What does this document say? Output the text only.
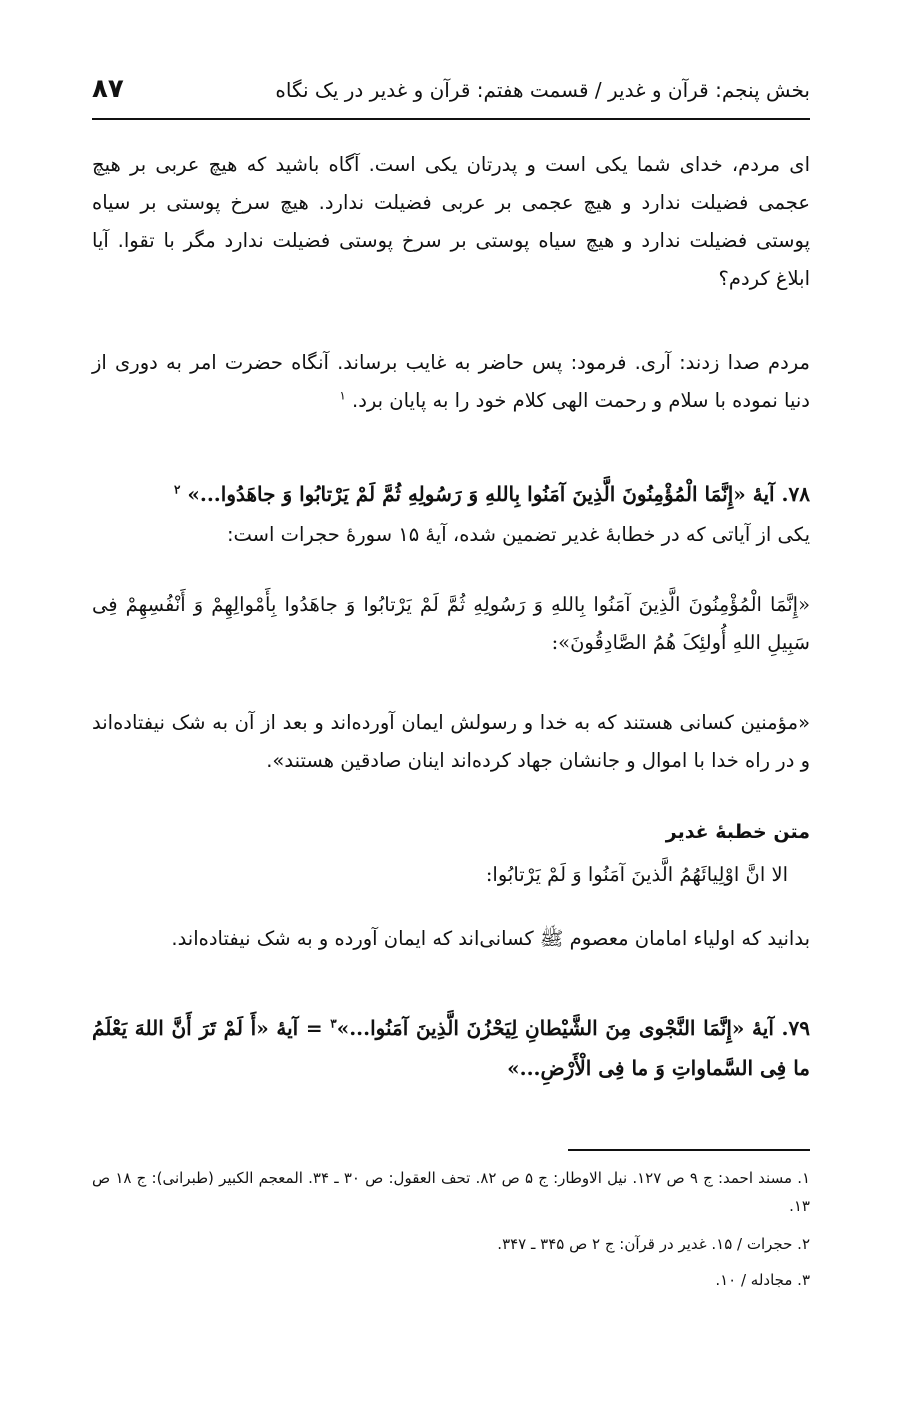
بخش پنجم: قرآن و غدیر / قسمت هفتم: قرآن و غدیر در یک نگاه
۸۷
ای مردم، خدای شما یکی است و پدرتان یکی است. آگاه باشید که هیچ عربی بر هیچ عجمی فضیلت ندارد و هیچ عجمی بر عربی فضیلت ندارد. هیچ سرخ پوستی بر سیاه پوستی فضیلت ندارد و هیچ سیاه پوستی بر سرخ پوستی فضیلت ندارد مگر با تقوا. آیا ابلاغ کردم؟
مردم صدا زدند: آری. فرمود: پس حاضر به غایب برساند. آنگاه حضرت امر به دوری از دنیا نموده با سلام و رحمت الهی کلام خود را به پایان برد. $^۱$
۷۸. آیهٔ «إِنَّمَا الْمُؤْمِنُونَ الَّذِینَ آمَنُوا بِاللهِ وَ رَسُولِهِ ثُمَّ لَمْ یَرْتابُوا وَ جاهَدُوا...» $^۲$
یکی از آیاتی که در خطابهٔ غدیر تضمین شده، آیهٔ ۱۵ سورهٔ حجرات است:
«إِنَّمَا الْمُؤْمِنُونَ الَّذِینَ آمَنُوا بِاللهِ وَ رَسُولِهِ ثُمَّ لَمْ یَرْتابُوا وَ جاهَدُوا بِأَمْوالِهِمْ وَ أَنْفُسِهِمْ فِی سَبِیلِ اللهِ أُولئِکَ هُمُ الصَّادِقُونَ»:
«مؤمنین کسانی هستند که به خدا و رسولش ایمان آورده‌اند و بعد از آن به شک نیفتاده‌اند و در راه خدا با اموال و جانشان جهاد کرده‌اند اینان صادقین هستند».
متن خطبهٔ غدیر
الا انَّ اوْلِیائَهُمُ الَّذینَ آمَنُوا وَ لَمْ یَرْتابُوا:
بدانید که اولیاء امامان معصوم ﷺ کسانی‌اند که ایمان آورده و به شک نیفتاده‌اند.
۷۹. آیهٔ «إِنَّمَا النَّجْوی مِنَ الشَّیْطانِ لِیَحْزُنَ الَّذِینَ آمَنُوا...»$^۳$ = آیهٔ «أَ لَمْ تَرَ أَنَّ اللهَ یَعْلَمُ ما فِی السَّماواتِ وَ ما فِی الْأَرْضِ...»
۱. مسند احمد: ج ۹ ص ۱۲۷. نیل الاوطار: ج ۵ ص ۸۲. تحف العقول: ص ۳۰ ـ ۳۴. المعجم الکبیر (طبرانی): ج ۱۸ ص ۱۳.
۲. حجرات / ۱۵. غدیر در قرآن: ج ۲ ص ۳۴۵ ـ ۳۴۷.
۳. مجادله / ۱۰.
